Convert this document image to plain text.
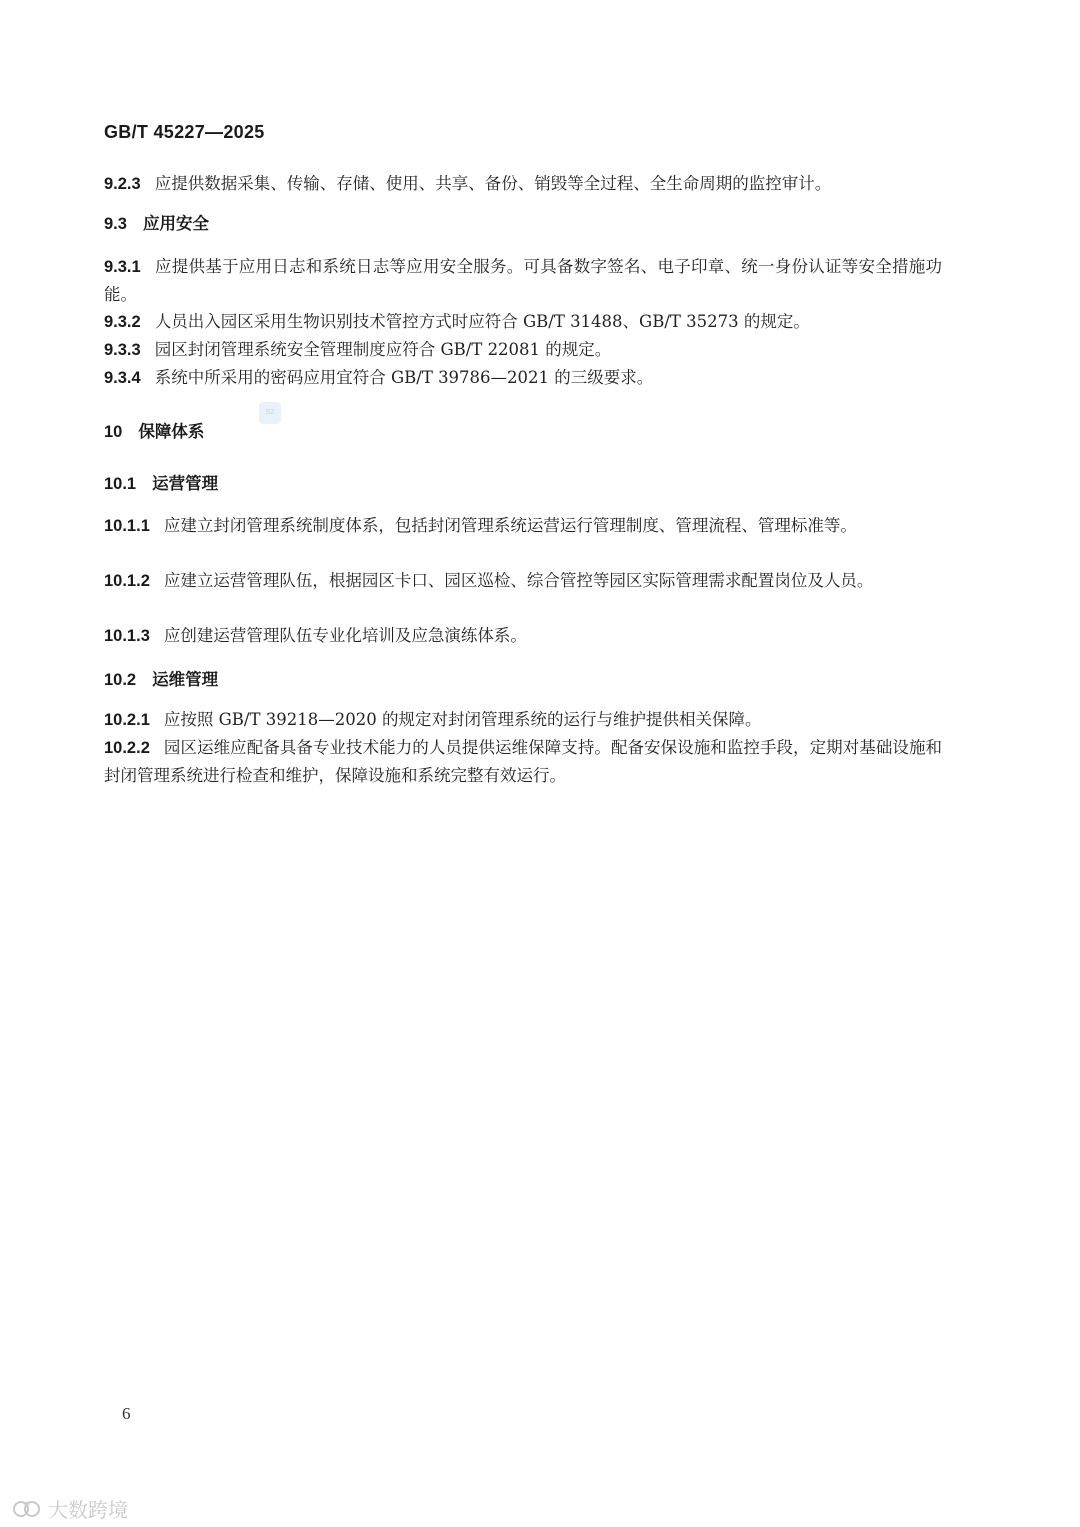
GB/T 45227—2025
9.2.3 应提供数据采集、传输、存储、使用、共享、备份、销毁等全过程、全生命周期的监控审计。
9.3 应用安全
9.3.1 应提供基于应用日志和系统日志等应用安全服务。可具备数字签名、电子印章、统一身份认证等安全措施功能。
9.3.2 人员出入园区采用生物识别技术管控方式时应符合 GB/T 31488、GB/T 35273 的规定。
9.3.3 园区封闭管理系统安全管理制度应符合 GB/T 22081 的规定。
9.3.4 系统中所采用的密码应用宜符合 GB/T 39786—2021 的三级要求。
SZ
10 保障体系
10.1 运营管理
10.1.1 应建立封闭管理系统制度体系，包括封闭管理系统运营运行管理制度、管理流程、管理标准等。
10.1.2 应建立运营管理队伍，根据园区卡口、园区巡检、综合管控等园区实际管理需求配置岗位及人员。
10.1.3 应创建运营管理队伍专业化培训及应急演练体系。
10.2 运维管理
10.2.1 应按照 GB/T 39218—2020 的规定对封闭管理系统的运行与维护提供相关保障。
10.2.2 园区运维应配备具备专业技术能力的人员提供运维保障支持。配备安保设施和监控手段，定期对基础设施和封闭管理系统进行检查和维护，保障设施和系统完整有效运行。
6
大数跨境
